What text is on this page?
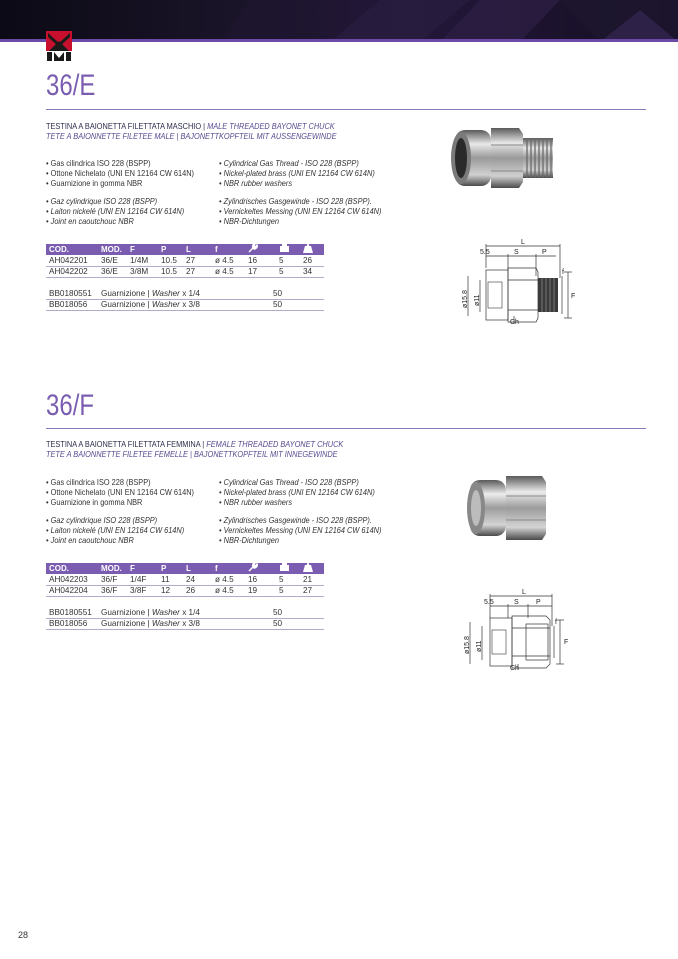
36/E
TESTINA A BAIONETTA FILETTATA MASCHIO | MALE THREADED BAYONET CHUCK
TETE A BAIONNETTE FILETEE MALE | BAJONETTKOPFTEIL MIT AUSSENGEWINDE
• Gas cilindrica ISO 228 (BSPP)
• Ottone Nichelato (UNI EN 12164 CW 614N)
• Guarnizione in gomma NBR
• Gaz cylindrique ISO 228 (BSPP)
• Laiton nickelé (UNI EN 12164 CW 614N)
• Joint en caoutchouc NBR
• Cylindrical Gas Thread - ISO 228 (BSPP)
• Nickel-plated brass (UNI EN 12164 CW 614N)
• NBR rubber washers
• Zylindrisches Gasgewinde - ISO 228 (BSPP).
• Vernickeltes Messing (UNI EN 12164 CW 614N)
• NBR-Dichtungen
COD.	MOD.	F	P	L	f			
AH042201	36/E	1/4M	10.5	27	ø 4.5	16	5	26
AH042202	36/E	3/8M	10.5	27	ø 4.5	17	5	34
BB0180551	Guarnizione | Washer x 1/4	50
BB018056	Guarnizione | Washer x 3/8	50
L
5.5	S	P
f
F
Ch
ø15.8 ø11
36/F
TESTINA A BAIONETTA FILETTATA FEMMINA | FEMALE THREADED BAYONET CHUCK
TETE A BAIONNETTE FILETEE FEMELLE | BAJONETTKOPFTEIL MIT INNEGEWINDE
• Gas cilindrica ISO 228 (BSPP)
• Ottone Nichelato (UNI EN 12164 CW 614N)
• Guarnizione in gomma NBR
• Gaz cylindrique ISO 228 (BSPP)
• Laiton nickelé (UNI EN 12164 CW 614N)
• Joint en caoutchouc NBR
• Cylindrical Gas Thread - ISO 228 (BSPP)
• Nickel-plated brass (UNI EN 12164 CW 614N)
• NBR rubber washers
• Zylindrisches Gasgewinde - ISO 228 (BSPP).
• Vernickeltes Messing (UNI EN 12164 CW 614N)
• NBR-Dichtungen
COD.	MOD.	F	P	L	f			
AH042203	36/F	1/4F	11	24	ø 4.5	16	5	21
AH042204	36/F	3/8F	12	26	ø 4.5	19	5	27
BB0180551	Guarnizione | Washer x 1/4	50
BB018056	Guarnizione | Washer x 3/8	50
L
5.5	S P
f
F
Ch
ø15.8 ø11
28
